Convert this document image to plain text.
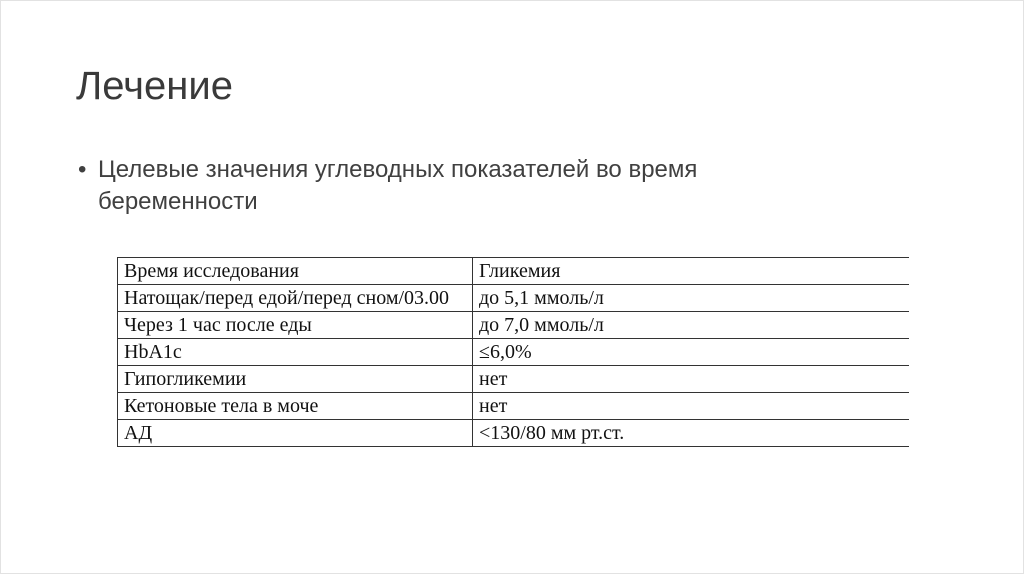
Лечение
• Целевые значения углеводных показателей во время беременности
Время исследования	Гликемия
Натощак/перед едой/перед сном/03.00	до 5,1 ммоль/л
Через 1 час после еды	до 7,0 ммоль/л
HbA1c	≤6,0%
Гипогликемии	нет
Кетоновые тела в моче	нет
АД	<130/80 мм рт.ст.
